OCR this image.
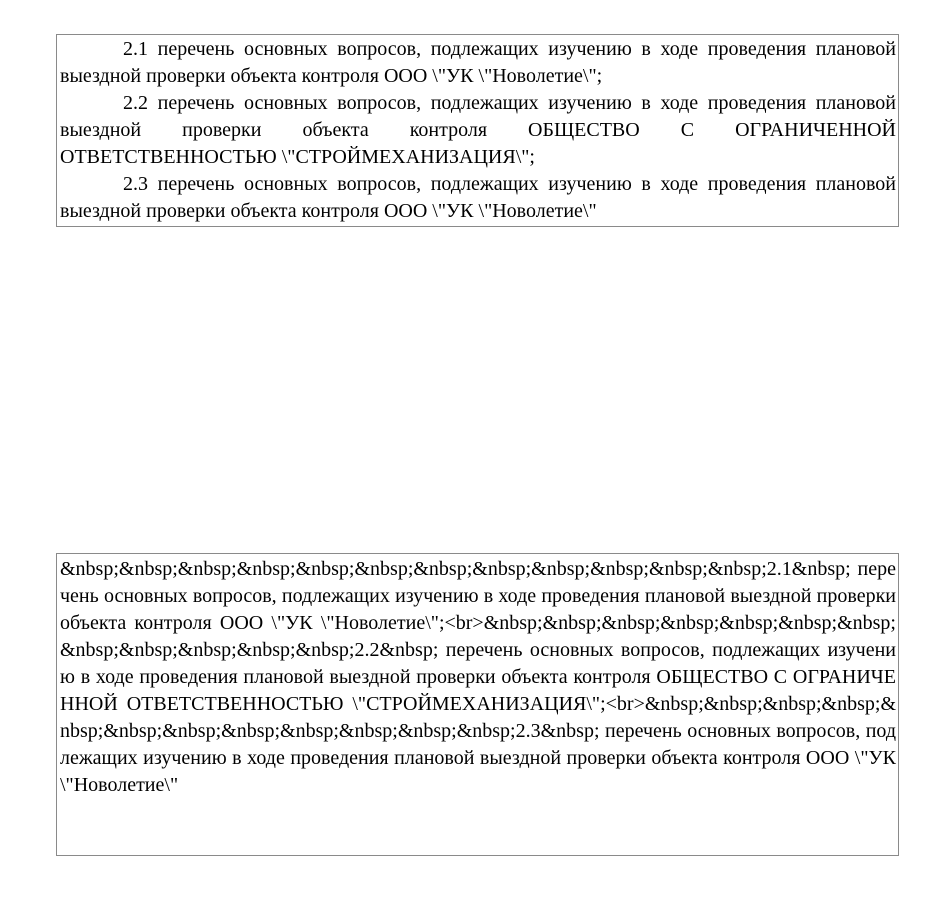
2.1 перечень основных вопросов, подлежащих изучению в ходе проведения плановой выездной проверки объекта контроля ООО \"УК \"Новолетие\";

2.2 перечень основных вопросов, подлежащих изучению в ходе проведения плановой выездной проверки объекта контроля ОБЩЕСТВО С ОГРАНИЧЕННОЙ ОТВЕТСТВЕННОСТЬЮ \"СТРОЙМЕХАНИЗАЦИЯ\";

2.3 перечень основных вопросов, подлежащих изучению в ходе проведения плановой выездной проверки объекта контроля ООО \"УК \"Новолетие\"

&nbsp;&nbsp;&nbsp;&nbsp;&nbsp;&nbsp;&nbsp;&nbsp;&nbsp;&nbsp;&nbsp;&nbsp;2.1&nbsp; перечень основных вопросов, подлежащих изучению в ходе проведения плановой выездной проверки объекта контроля ООО \"УК \"Новолетие\";<br>&nbsp;&nbsp;&nbsp;&nbsp;&nbsp;&nbsp;&nbsp;&nbsp;&nbsp;&nbsp;&nbsp;&nbsp;2.2&nbsp; перечень основных вопросов, подлежащих изучению в ходе проведения плановой выездной проверки объекта контроля ОБЩЕСТВО С ОГРАНИЧЕННОЙ ОТВЕТСТВЕННОСТЬЮ \"СТРОЙМЕХАНИЗАЦИЯ\";<br>&nbsp;&nbsp;&nbsp;&nbsp;&nbsp;&nbsp;&nbsp;&nbsp;&nbsp;&nbsp;&nbsp;&nbsp;2.3&nbsp; перечень основных вопросов, подлежащих изучению в ходе проведения плановой выездной проверки объекта контроля ООО \"УК \"Новолетие\"
